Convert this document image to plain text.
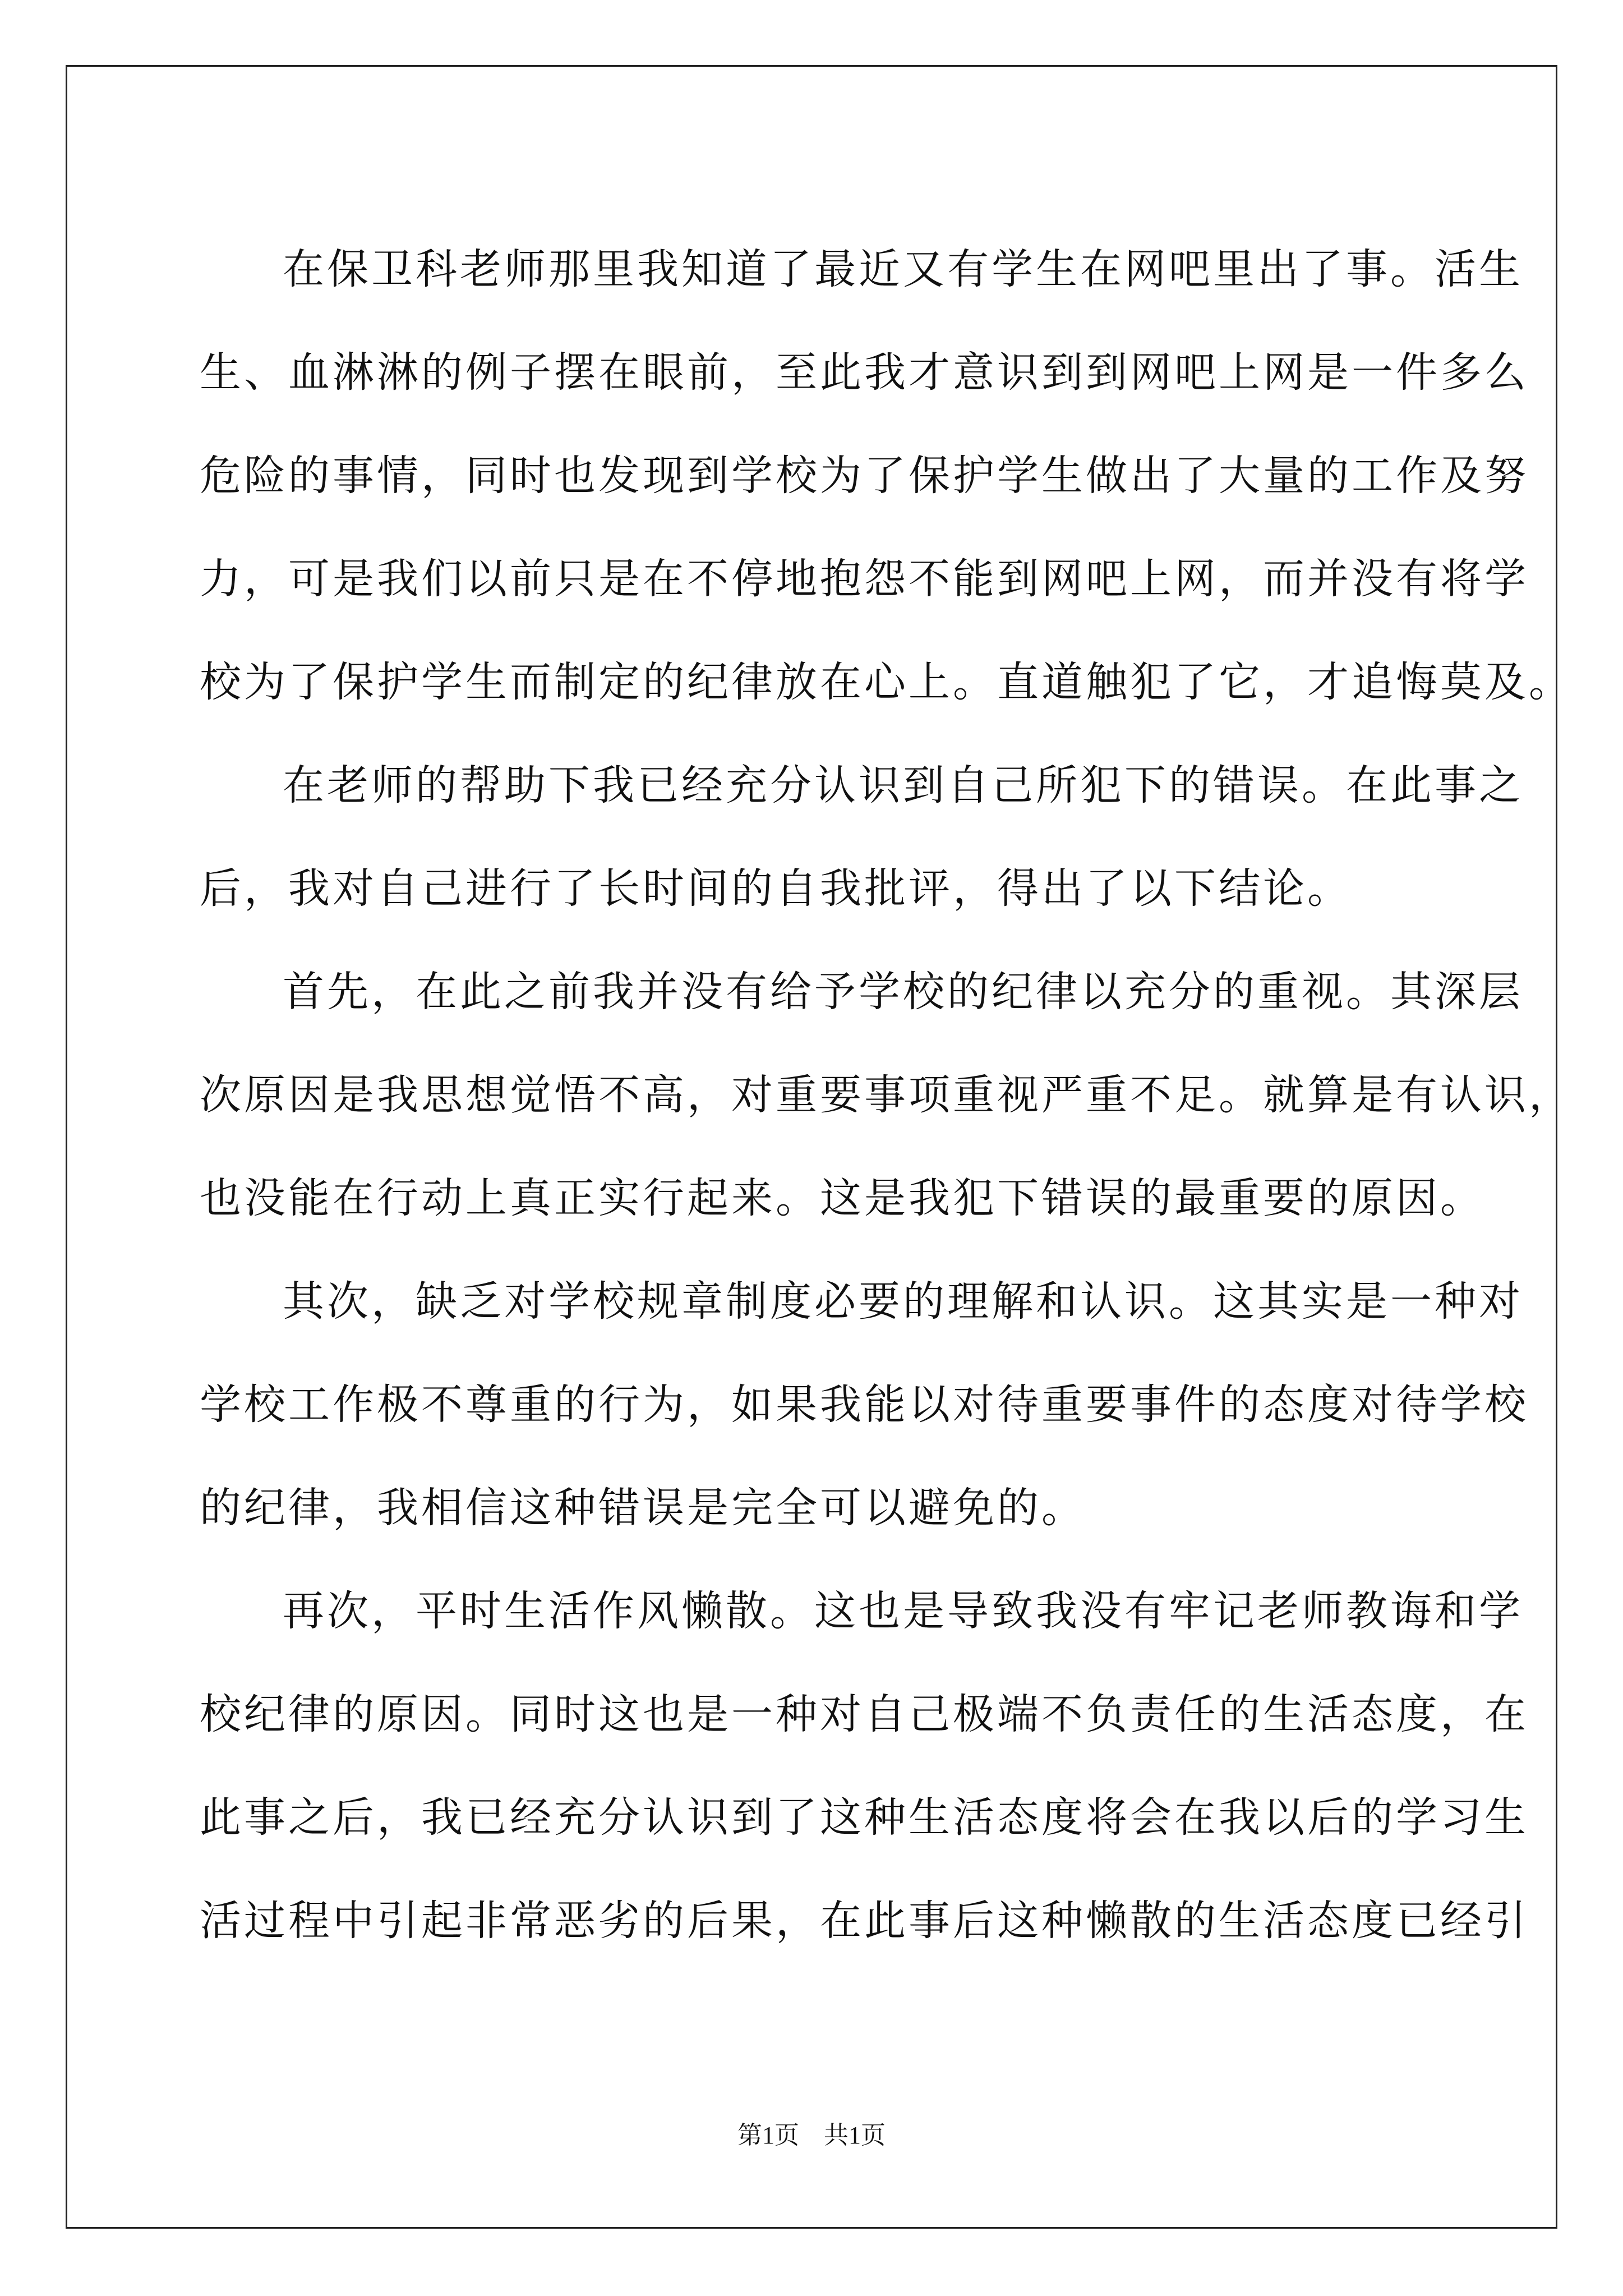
在保卫科老师那里我知道了最近又有学生在网吧里出了事。活生
生、血淋淋的例子摆在眼前，至此我才意识到到网吧上网是一件多么
危险的事情，同时也发现到学校为了保护学生做出了大量的工作及努
力，可是我们以前只是在不停地抱怨不能到网吧上网，而并没有将学
校为了保护学生而制定的纪律放在心上。直道触犯了它，才追悔莫及。
在老师的帮助下我已经充分认识到自己所犯下的错误。在此事之
后，我对自己进行了长时间的自我批评，得出了以下结论。
首先，在此之前我并没有给予学校的纪律以充分的重视。其深层
次原因是我思想觉悟不高，对重要事项重视严重不足。就算是有认识，
也没能在行动上真正实行起来。这是我犯下错误的最重要的原因。
其次，缺乏对学校规章制度必要的理解和认识。这其实是一种对
学校工作极不尊重的行为，如果我能以对待重要事件的态度对待学校
的纪律，我相信这种错误是完全可以避免的。
再次，平时生活作风懒散。这也是导致我没有牢记老师教诲和学
校纪律的原因。同时这也是一种对自己极端不负责任的生活态度，在
此事之后，我已经充分认识到了这种生活态度将会在我以后的学习生
活过程中引起非常恶劣的后果，在此事后这种懒散的生活态度已经引
第1页　共1页
